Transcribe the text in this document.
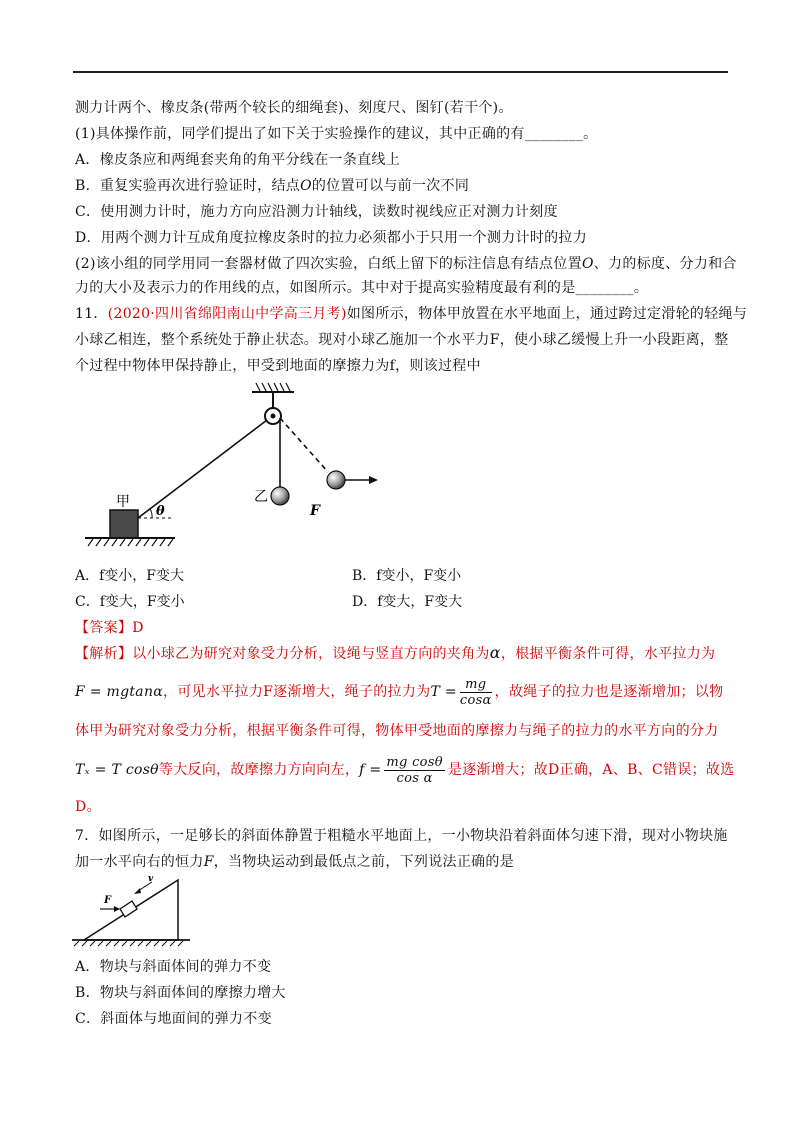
测力计两个、橡皮条(带两个较长的细绳套)、刻度尺、图钉(若干个)。
(1)具体操作前，同学们提出了如下关于实验操作的建议，其中正确的有________。
A．橡皮条应和两绳套夹角的角平分线在一条直线上
B．重复实验再次进行验证时，结点O的位置可以与前一次不同
C．使用测力计时，施力方向应沿测力计轴线，读数时视线应正对测力计刻度
D．用两个测力计互成角度拉橡皮条时的拉力必须都小于只用一个测力计时的拉力
(2)该小组的同学用同一套器材做了四次实验，白纸上留下的标注信息有结点位置O、力的标度、分力和合
力的大小及表示力的作用线的点，如图所示。其中对于提高实验精度最有利的是________。
11．(2020·四川省绵阳南山中学高三月考)如图所示，物体甲放置在水平地面上，通过跨过定滑轮的轻绳与
小球乙相连，整个系统处于静止状态。现对小球乙施加一个水平力F，使小球乙缓慢上升一小段距离，整
个过程中物体甲保持静止，甲受到地面的摩擦力为f，则该过程中
F
乙
甲
θ
A．f变小，F变大	B．f变小，F变小
C．f变大，F变小	D．f变大，F变大
【答案】D
【解析】以小球乙为研究对象受力分析，设绳与竖直方向的夹角为α，根据平衡条件可得，水平拉力为
F = mgtanα，可见水平拉力F逐渐增大，绳子的拉力为$T = \frac{mg}{\cos\alpha}$ ，故绳子的拉力也是逐渐增加；以物
体甲为研究对象受力分析，根据平衡条件可得，物体甲受地面的摩擦力与绳子的拉力的水平方向的分力
Tₓ = T cosθ等大反向，故摩擦力方向向左，$f = \frac{\text{mg cosθ}}{\text{cos α}}$ 是逐渐增大；故D正确，A、B、C错误；故选
D。
7．如图所示，一足够长的斜面体静置于粗糙水平地面上，一小物块沿着斜面体匀速下滑，现对小物块施
加一水平向右的恒力F，当物块运动到最低点之前，下列说法正确的是
F
v
A．物块与斜面体间的弹力不变
B．物块与斜面体间的摩擦力增大
C．斜面体与地面间的弹力不变
